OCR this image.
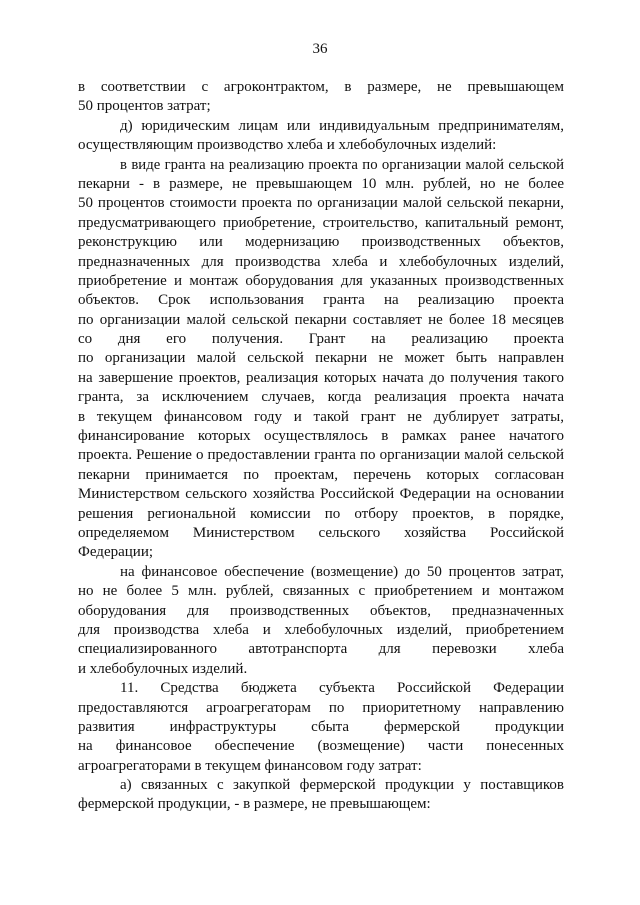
36
в соответствии с агроконтрактом, в размере, не превышающем
50 процентов затрат;
д) юридическим лицам или индивидуальным предпринимателям,
осуществляющим производство хлеба и хлебобулочных изделий:
в виде гранта на реализацию проекта по организации малой сельской
пекарни - в размере, не превышающем 10 млн. рублей, но не более
50 процентов стоимости проекта по организации малой сельской пекарни,
предусматривающего приобретение, строительство, капитальный ремонт,
реконструкцию или модернизацию производственных объектов,
предназначенных для производства хлеба и хлебобулочных изделий,
приобретение и монтаж оборудования для указанных производственных
объектов. Срок использования гранта на реализацию проекта
по организации малой сельской пекарни составляет не более 18 месяцев
со дня его получения. Грант на реализацию проекта
по организации малой сельской пекарни не может быть направлен
на завершение проектов, реализация которых начата до получения такого
гранта, за исключением случаев, когда реализация проекта начата
в текущем финансовом году и такой грант не дублирует затраты,
финансирование которых осуществлялось в рамках ранее начатого
проекта. Решение о предоставлении гранта по организации малой сельской
пекарни принимается по проектам, перечень которых согласован
Министерством сельского хозяйства Российской Федерации на основании
решения региональной комиссии по отбору проектов, в порядке,
определяемом Министерством сельского хозяйства Российской
Федерации;
на финансовое обеспечение (возмещение) до 50 процентов затрат,
но не более 5 млн. рублей, связанных с приобретением и монтажом
оборудования для производственных объектов, предназначенных
для производства хлеба и хлебобулочных изделий, приобретением
специализированного автотранспорта для перевозки хлеба
и хлебобулочных изделий.
11. Средства бюджета субъекта Российской Федерации
предоставляются агроагрегаторам по приоритетному направлению
развития инфраструктуры сбыта фермерской продукции
на финансовое обеспечение (возмещение) части понесенных
агроагрегаторами в текущем финансовом году затрат:
а) связанных с закупкой фермерской продукции у поставщиков
фермерской продукции, - в размере, не превышающем:
